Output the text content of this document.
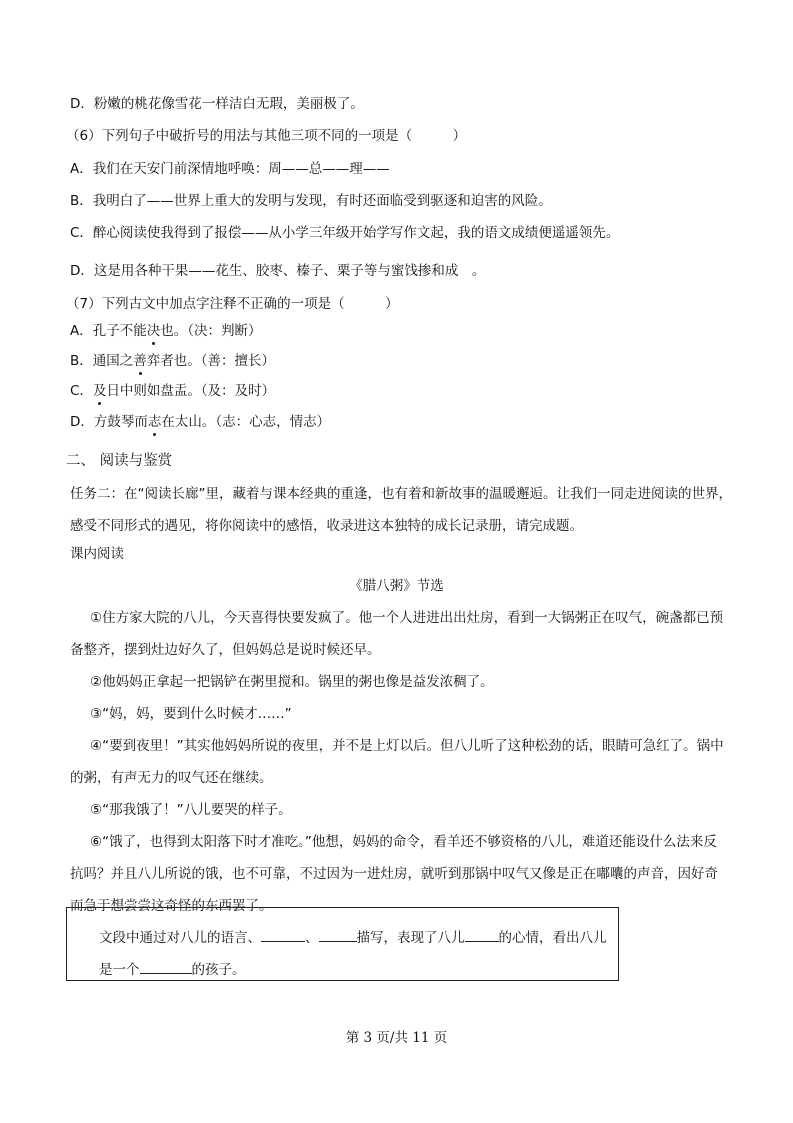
D．粉嫩的桃花像雪花一样洁白无瑕，美丽极了。
（6）下列句子中破折号的用法与其他三项不同的一项是（　　　）
A．我们在天安门前深情地呼唤：周——总——理——
B．我明白了——世界上重大的发明与发现，有时还面临受到驱逐和迫害的风险。
C．醉心阅读使我得到了报偿——从小学三年级开始学写作文起，我的语文成绩便遥遥领先。
D．这是用各种干果——花生、胶枣、榛子、栗子等与蜜饯掺和成　。
（7）下列古文中加点字注释不正确的一项是（　　　）
A．孔子不能决也。（决：判断）
B．通国之善弈者也。（善：擅长）
C．及日中则如盘盂。（及：及时）
D．方鼓琴而志在太山。（志：心志，情志）
二、 阅读与鉴赏
任务二：在“阅读长廊”里，藏着与课本经典的重逢，也有着和新故事的温暖邂逅。让我们一同走进阅读的世界，感受不同形式的遇见，将你阅读中的感悟，收录进这本独特的成长记录册，请完成题。
课内阅读
《腊八粥》节选
①住方家大院的八儿，今天喜得快要发疯了。他一个人进进出出灶房，看到一大锅粥正在叹气，碗盏都已预备整齐，摆到灶边好久了，但妈妈总是说时候还早。
②他妈妈正拿起一把锅铲在粥里搅和。锅里的粥也像是益发浓稠了。
③“妈，妈，要到什么时候才……”
④“要到夜里！”其实他妈妈所说的夜里，并不是上灯以后。但八儿听了这种松劲的话，眼睛可急红了。锅中的粥，有声无力的叹气还在继续。
⑤“那我饿了！”八儿要哭的样子。
⑥“饿了，也得到太阳落下时才准吃。”他想，妈妈的命令，看羊还不够资格的八儿，难道还能设什么法来反抗吗？并且八儿所说的饿，也不可靠，不过因为一进灶房，就听到那锅中叹气又像是正在嘟囔的声音，因好奇而急于想尝尝这奇怪的东西罢了。
文段中通过对八儿的语言、	、	描写，表现了八儿	的心情，看出八儿是一个	的孩子。
第 3 页/共 11 页
